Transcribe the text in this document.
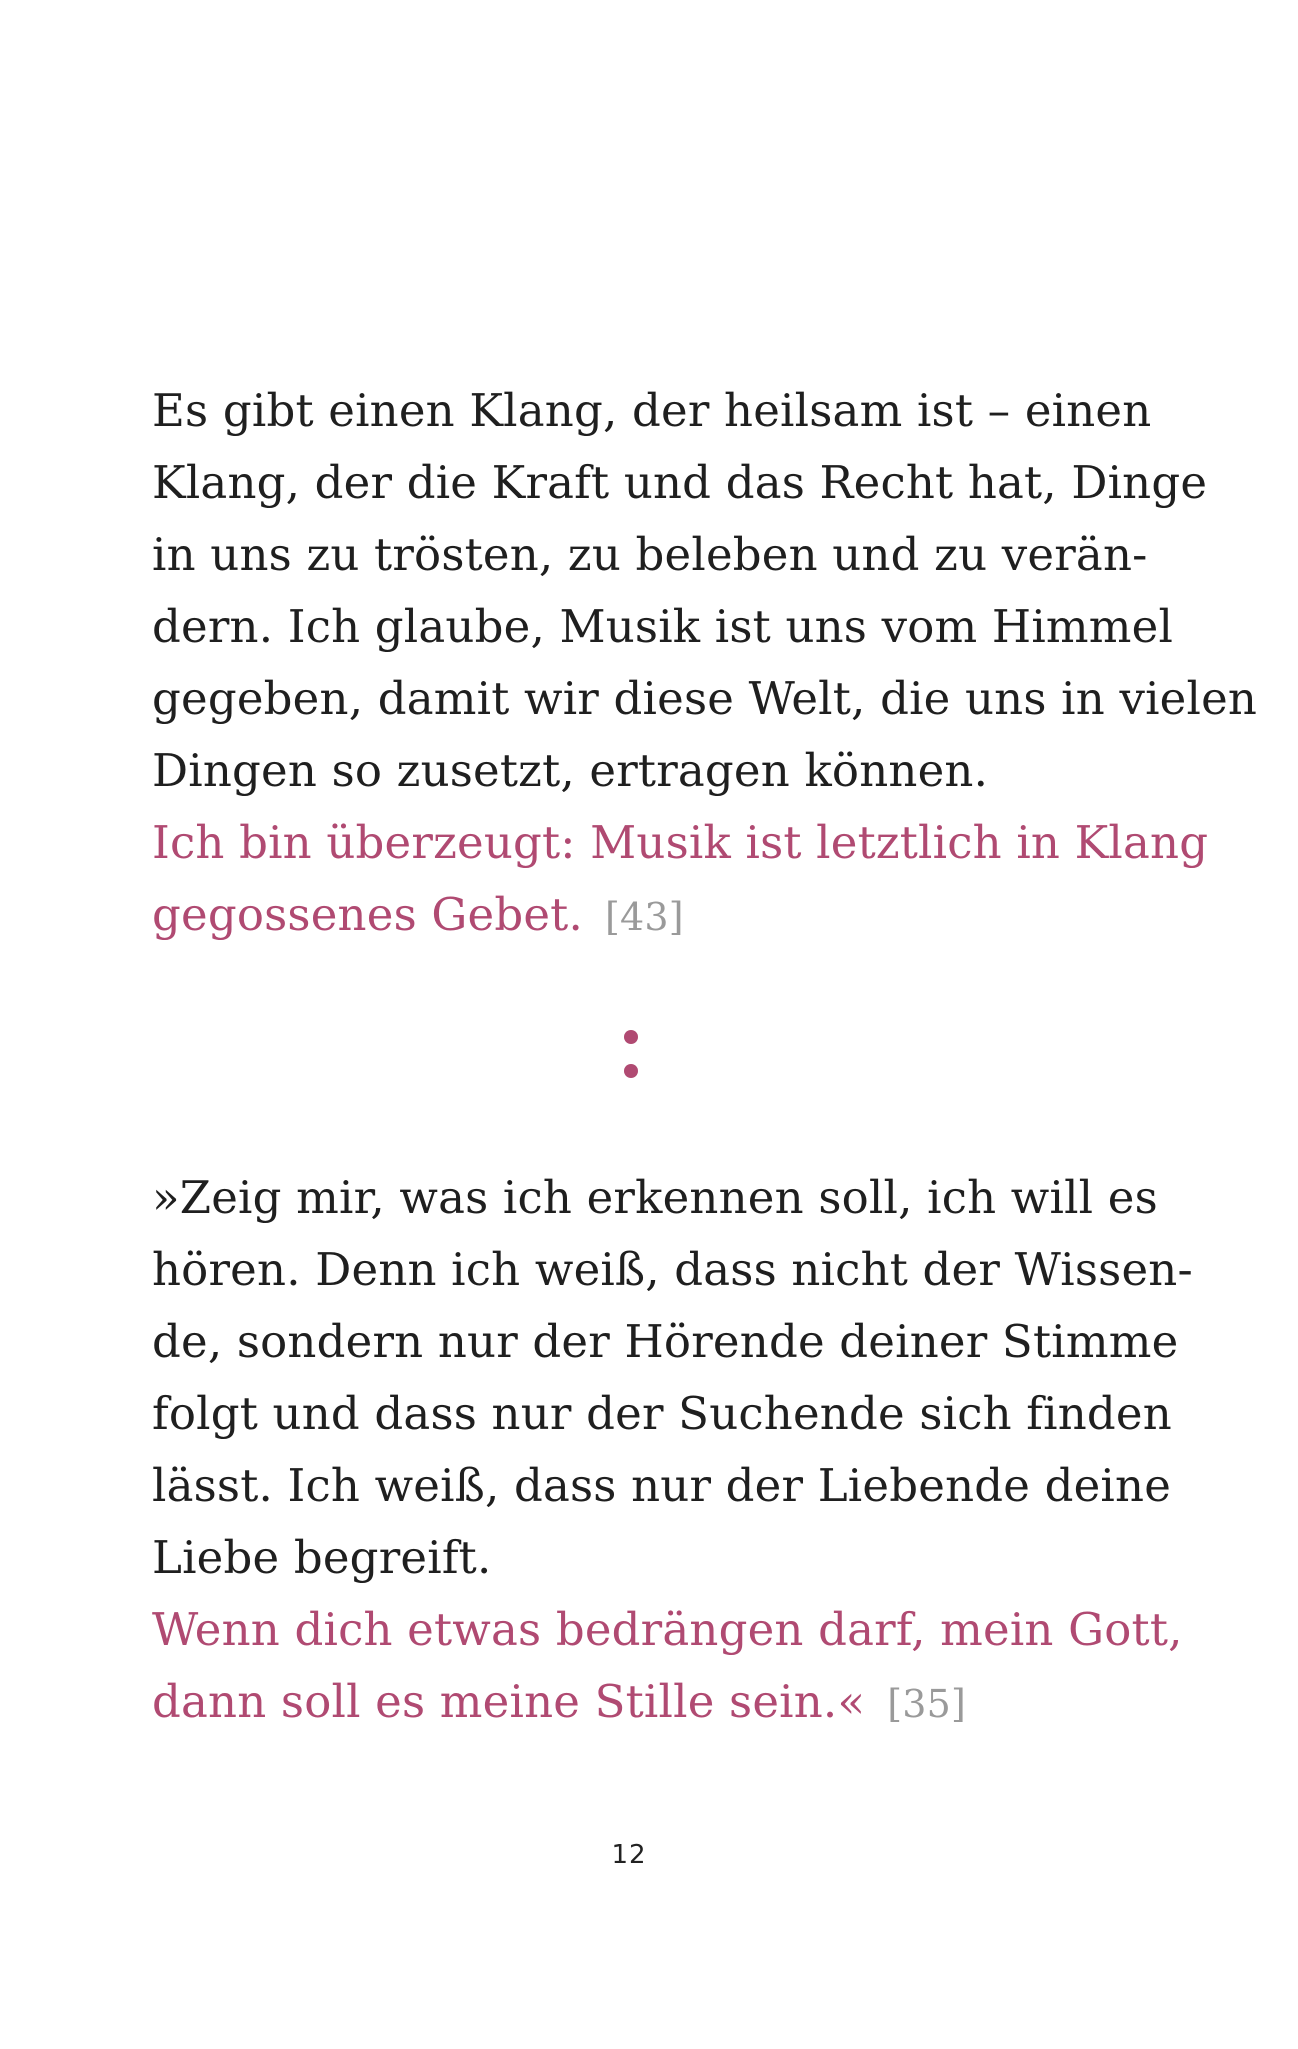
Es gibt einen Klang, der heilsam ist – einen
Klang, der die Kraft und das Recht hat, Dinge
in uns zu trösten, zu beleben und zu verän-
dern. Ich glaube, Musik ist uns vom Himmel
gegeben, damit wir diese Welt, die uns in vielen
Dingen so zusetzt, ertragen können.
Ich bin überzeugt: Musik ist letztlich in Klang
gegossenes Gebet. [43]
»Zeig mir, was ich erkennen soll, ich will es
hören. Denn ich weiß, dass nicht der Wissen-
de, sondern nur der Hörende deiner Stimme
folgt und dass nur der Suchende sich finden
lässt. Ich weiß, dass nur der Liebende deine
Liebe begreift.
Wenn dich etwas bedrängen darf, mein Gott,
dann soll es meine Stille sein.« [35]
12
